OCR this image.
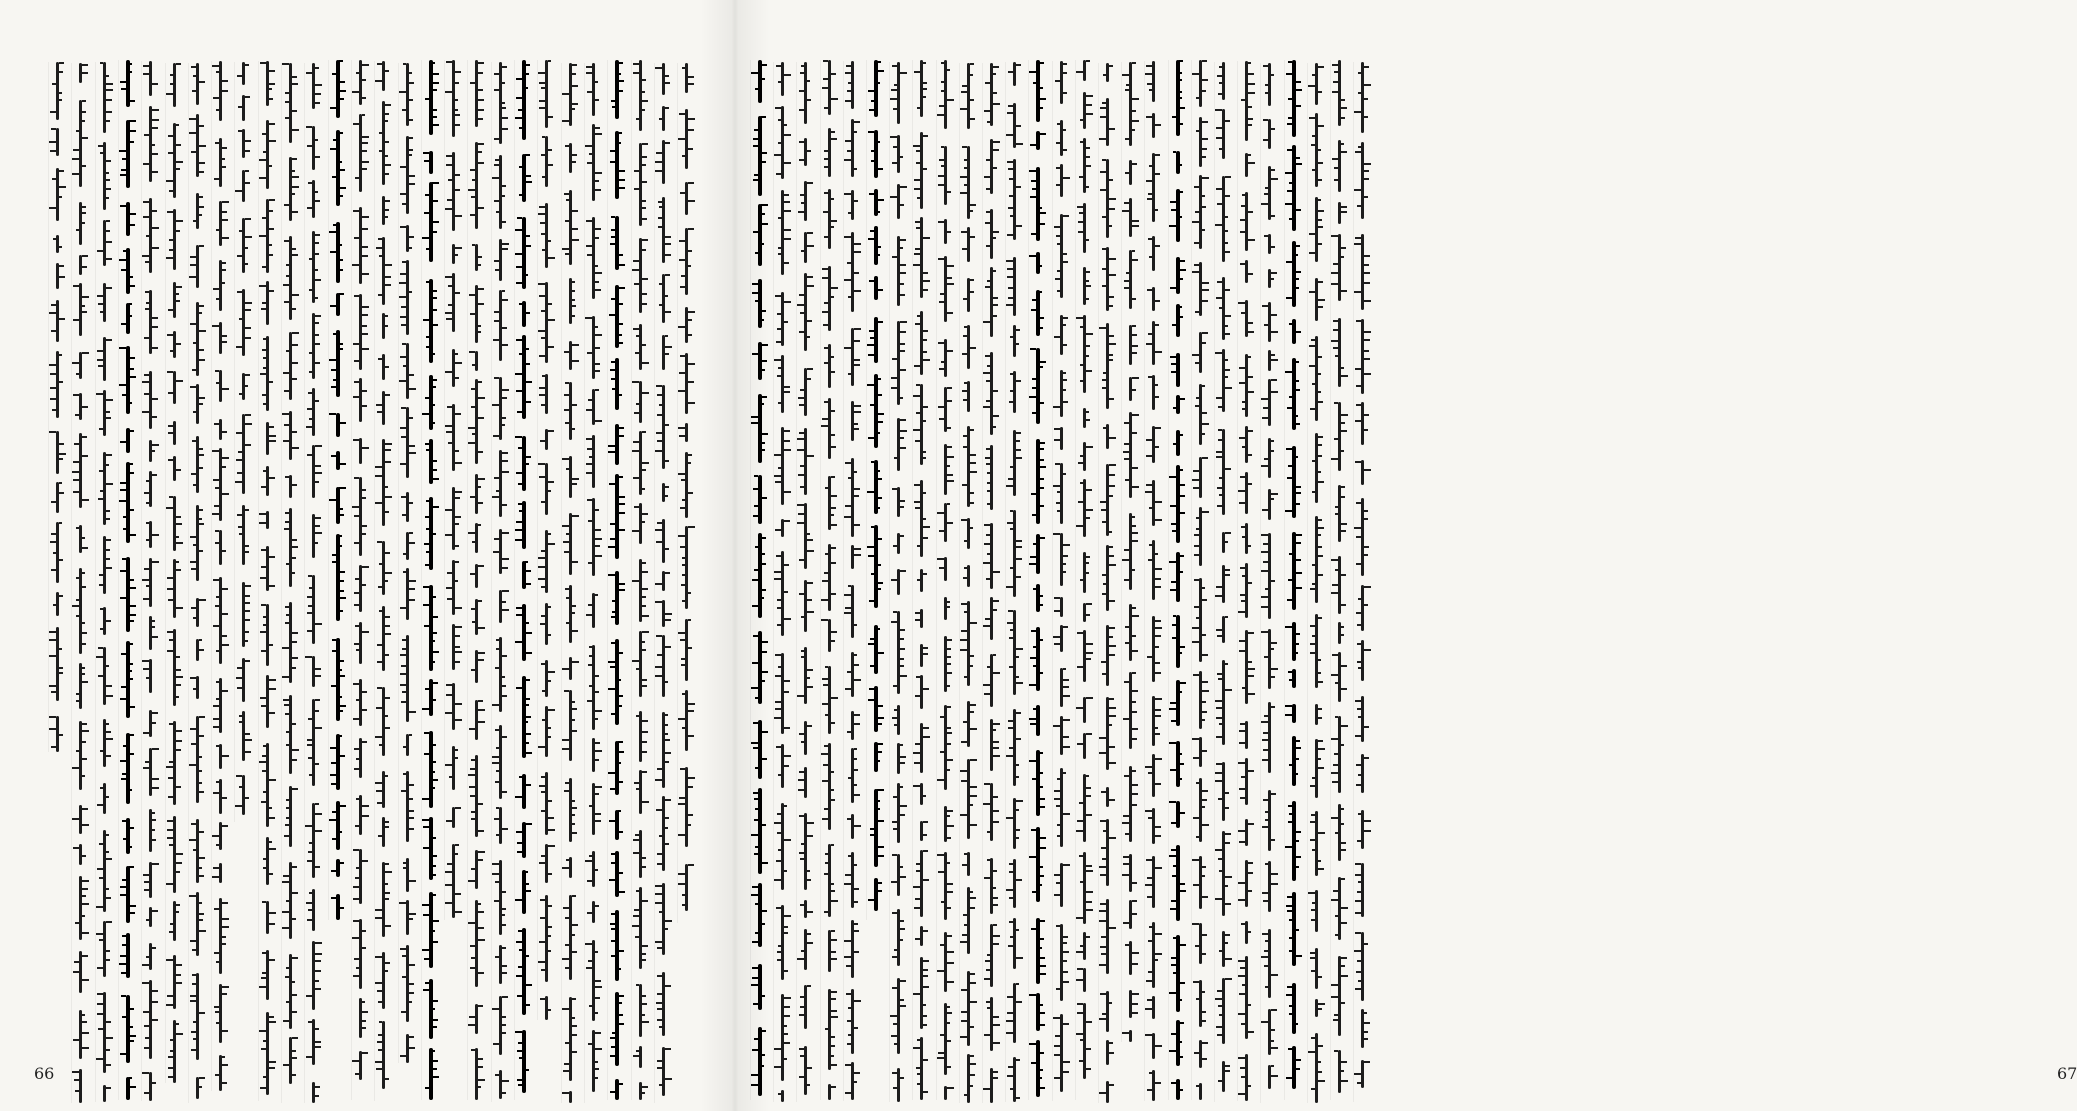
66	67
